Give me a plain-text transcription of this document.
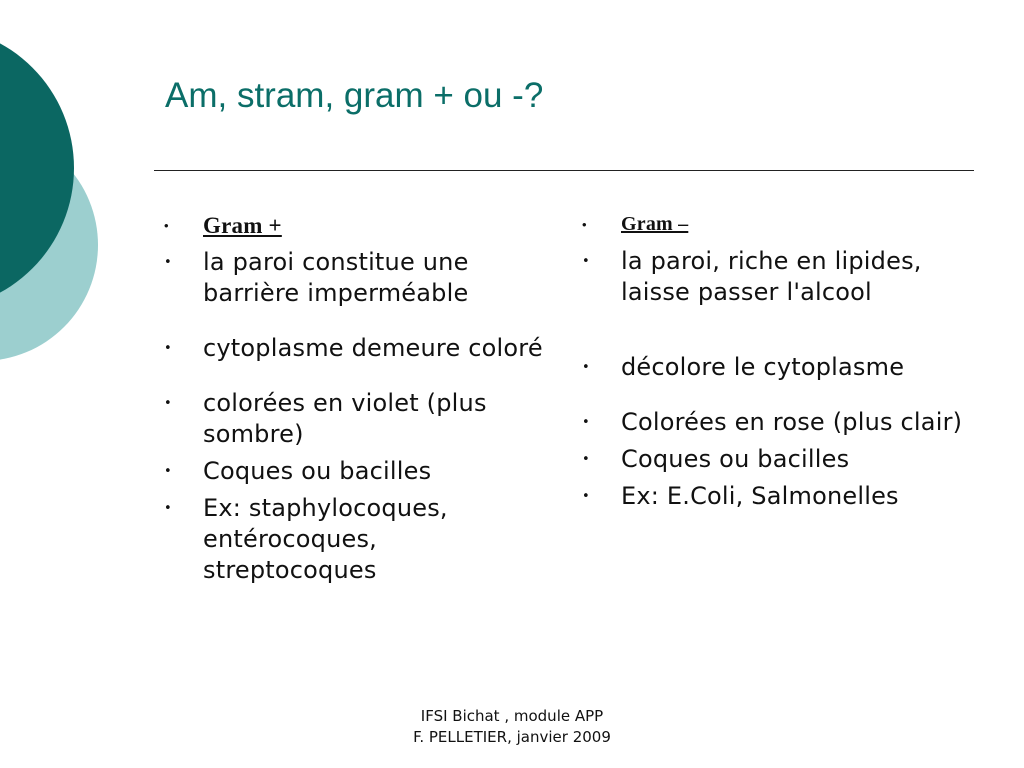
Am, stram, gram + ou -?
• Gram +
• la paroi constitue une barrière imperméable
• cytoplasme demeure coloré
• colorées en violet (plus sombre)
• Coques ou bacilles
• Ex: staphylocoques, entérocoques, streptocoques
• Gram –
• la paroi, riche en lipides, laisse passer l'alcool
• décolore le cytoplasme
• Colorées en rose (plus clair)
• Coques ou bacilles
• Ex: E.Coli, Salmonelles
IFSI Bichat , module APP
F. PELLETIER, janvier 2009
